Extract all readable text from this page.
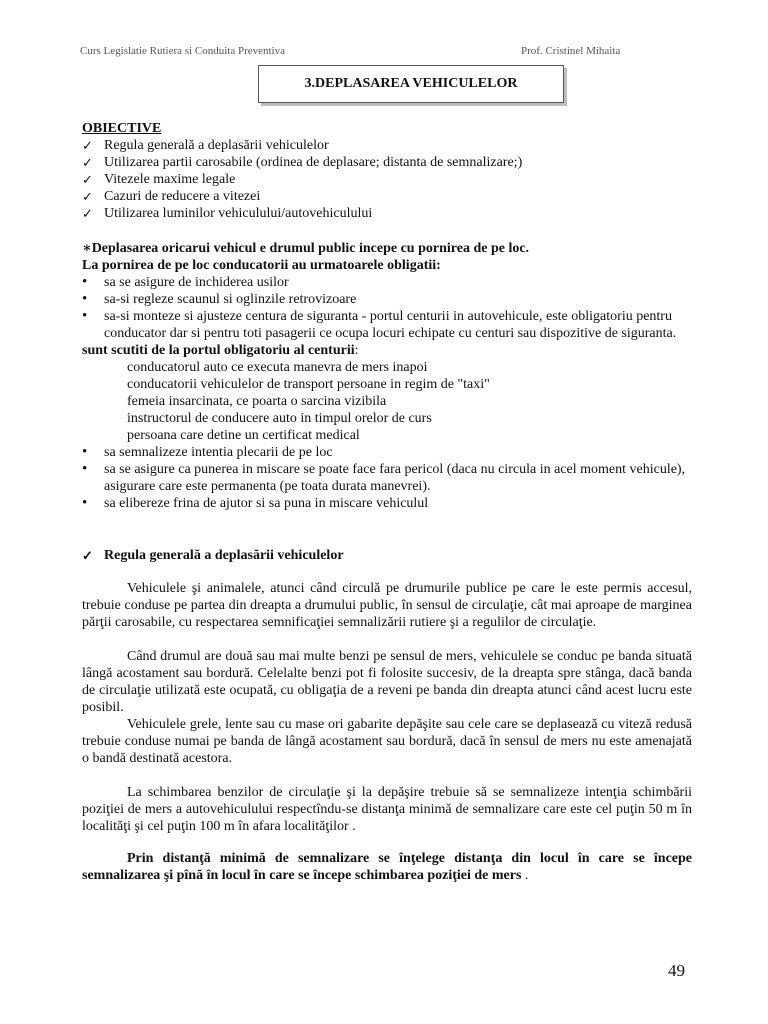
Curs Legislatie Rutiera si Conduita Preventiva	Prof. Cristinel Mihaita
3.DEPLASAREA VEHICULELOR
OBIECTIVE
✓ Regula generală a deplasării vehiculelor
✓ Utilizarea partii carosabile (ordinea de deplasare; distanta de semnalizare;)
✓ Vitezele maxime legale
✓ Cazuri de reducere a vitezei
✓ Utilizarea luminilor vehiculului/autovehiculului
∗Deplasarea oricarui vehicul e drumul public incepe cu pornirea de pe loc.
La pornirea de pe loc conducatorii au urmatoarele obligatii:
•	sa se asigure de inchiderea usilor
•	sa-si regleze scaunul si oglinzile retrovizoare
•	sa-si monteze si ajusteze centura de siguranta - portul centurii in autovehicule, este obligatoriu pentru conducator dar si pentru toti pasagerii ce ocupa locuri echipate cu centuri sau dispozitive de siguranta.
sunt scutiti de la portul obligatoriu al centurii:
conducatorul auto ce executa manevra de mers inapoi
conducatorii vehiculelor de transport persoane in regim de "taxi"
femeia insarcinata, ce poarta o sarcina vizibila
instructorul de conducere auto in timpul orelor de curs
persoana care detine un certificat medical
•	sa semnalizeze intentia plecarii de pe loc
•	sa se asigure ca punerea in miscare se poate face fara pericol (daca nu circula in acel moment vehicule), asigurare care este permanenta (pe toata durata manevrei).
•	sa elibereze frina de ajutor si sa puna in miscare vehiculul
✓ Regula generală a deplasării vehiculelor
Vehiculele şi animalele, atunci când circulă pe drumurile publice pe care le este permis accesul, trebuie conduse pe partea din dreapta a drumului public, în sensul de circulaţie, cât mai aproape de marginea părţii carosabile, cu respectarea semnificaţiei semnalizării rutiere şi a regulilor de circulaţie.
Când drumul are două sau mai multe benzi pe sensul de mers, vehiculele se conduc pe banda situată lângă acostament sau bordură. Celelalte benzi pot fi folosite succesiv, de la dreapta spre stânga, dacă banda de circulaţie utilizată este ocupată, cu obligaţia de a reveni pe banda din dreapta atunci când acest lucru este posibil.
Vehiculele grele, lente sau cu mase ori gabarite depăşite sau cele care se deplasează cu viteză redusă trebuie conduse numai pe banda de lângă acostament sau bordură, dacă în sensul de mers nu este amenajată o bandă destinată acestora.
La schimbarea benzilor de circulaţie şi la depăşire trebuie să se semnalizeze intenţia schimbării poziţiei de mers a autovehiculului respectîndu-se distanţa minimă de semnalizare care este cel puţin 50 m în localităţi şi cel puţin 100 m în afara localităţilor .
Prin distanţă minimă de semnalizare se înţelege distanţa din locul în care se începe semnalizarea şi pînă în locul în care se începe schimbarea poziţiei de mers .
49
